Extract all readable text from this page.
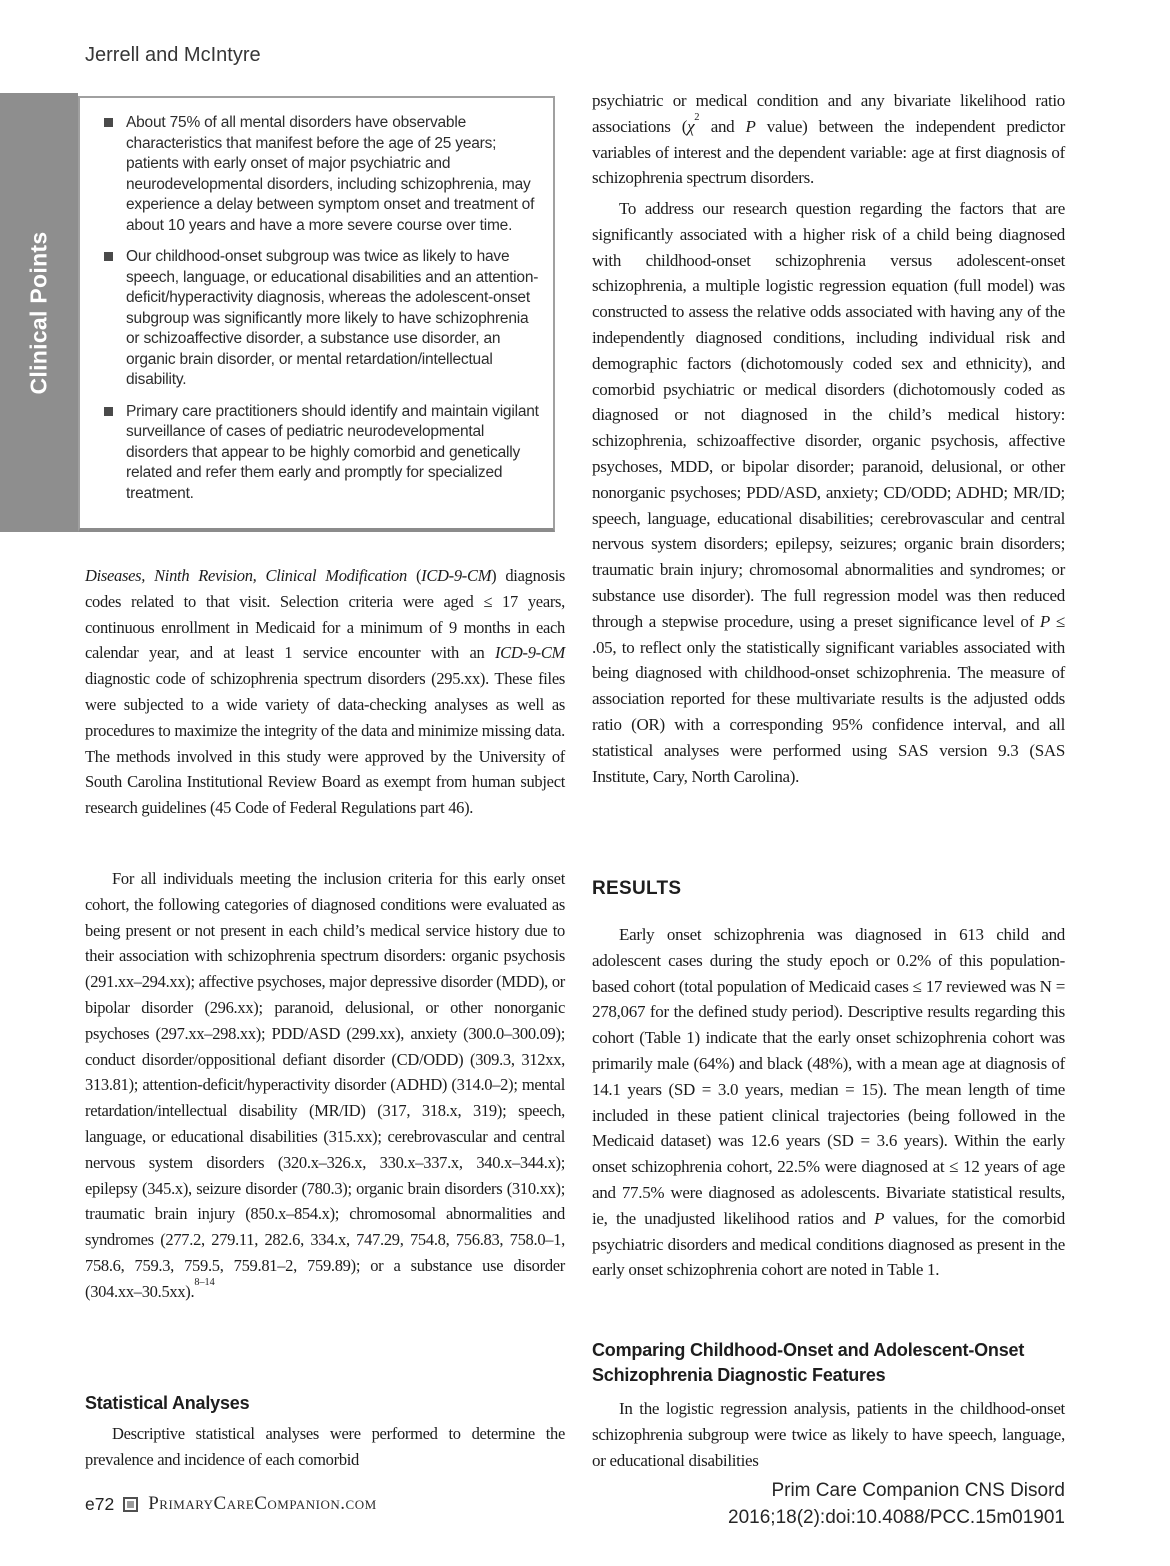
Jerrell and McIntyre
Clinical Points
About 75% of all mental disorders have observable characteristics that manifest before the age of 25 years; patients with early onset of major psychiatric and neurodevelopmental disorders, including schizophrenia, may experience a delay between symptom onset and treatment of about 10 years and have a more severe course over time.
Our childhood-onset subgroup was twice as likely to have speech, language, or educational disabilities and an attention-deficit/hyperactivity diagnosis, whereas the adolescent-onset subgroup was significantly more likely to have schizophrenia or schizoaffective disorder, a substance use disorder, an organic brain disorder, or mental retardation/intellectual disability.
Primary care practitioners should identify and maintain vigilant surveillance of cases of pediatric neurodevelopmental disorders that appear to be highly comorbid and genetically related and refer them early and promptly for specialized treatment.

Diseases, Ninth Revision, Clinical Modification (ICD-9-CM) diagnosis codes related to that visit. Selection criteria were aged ≤ 17 years, continuous enrollment in Medicaid for a minimum of 9 months in each calendar year, and at least 1 service encounter with an ICD-9-CM diagnostic code of schizophrenia spectrum disorders (295.xx). These files were subjected to a wide variety of data-checking analyses as well as procedures to maximize the integrity of the data and minimize missing data. The methods involved in this study were approved by the University of South Carolina Institutional Review Board as exempt from human subject research guidelines (45 Code of Federal Regulations part 46).

For all individuals meeting the inclusion criteria for this early onset cohort, the following categories of diagnosed conditions were evaluated as being present or not present in each child’s medical service history due to their association with schizophrenia spectrum disorders: organic psychosis (291.xx–294.xx); affective psychoses, major depressive disorder (MDD), or bipolar disorder (296.xx); paranoid, delusional, or other nonorganic psychoses (297.xx–298.xx); PDD/ASD (299.xx), anxiety (300.0–300.09); conduct disorder/oppositional defiant disorder (CD/ODD) (309.3, 312xx, 313.81); attention-deficit/hyperactivity disorder (ADHD) (314.0–2); mental retardation/intellectual disability (MR/ID) (317, 318.x, 319); speech, language, or educational disabilities (315.xx); cerebrovascular and central nervous system disorders (320.x–326.x, 330.x–337.x, 340.x–344.x); epilepsy (345.x), seizure disorder (780.3); organic brain disorders (310.xx); traumatic brain injury (850.x–854.x); chromosomal abnormalities and syndromes (277.2, 279.11, 282.6, 334.x, 747.29, 754.8, 756.83, 758.0–1, 758.6, 759.3, 759.5, 759.81–2, 759.89); or a substance use disorder (304.xx–30.5xx).$^{8-14}$

Statistical Analyses

Descriptive statistical analyses were performed to determine the prevalence and incidence of each comorbid

psychiatric or medical condition and any bivariate likelihood ratio associations ($\chi^2$ and P value) between the independent predictor variables of interest and the dependent variable: age at first diagnosis of schizophrenia spectrum disorders.

To address our research question regarding the factors that are significantly associated with a higher risk of a child being diagnosed with childhood-onset schizophrenia versus adolescent-onset schizophrenia, a multiple logistic regression equation (full model) was constructed to assess the relative odds associated with having any of the independently diagnosed conditions, including individual risk and demographic factors (dichotomously coded sex and ethnicity), and comorbid psychiatric or medical disorders (dichotomously coded as diagnosed or not diagnosed in the child’s medical history: schizophrenia, schizoaffective disorder, organic psychosis, affective psychoses, MDD, or bipolar disorder; paranoid, delusional, or other nonorganic psychoses; PDD/ASD, anxiety; CD/ODD; ADHD; MR/ID; speech, language, educational disabilities; cerebrovascular and central nervous system disorders; epilepsy, seizures; organic brain disorders; traumatic brain injury; chromosomal abnormalities and syndromes; or substance use disorder). The full regression model was then reduced through a stepwise procedure, using a preset significance level of P ≤ .05, to reflect only the statistically significant variables associated with being diagnosed with childhood-onset schizophrenia. The measure of association reported for these multivariate results is the adjusted odds ratio (OR) with a corresponding 95% confidence interval, and all statistical analyses were performed using SAS version 9.3 (SAS Institute, Cary, North Carolina).

RESULTS

Early onset schizophrenia was diagnosed in 613 child and adolescent cases during the study epoch or 0.2% of this population-based cohort (total population of Medicaid cases ≤ 17 reviewed was N = 278,067 for the defined study period). Descriptive results regarding this cohort (Table 1) indicate that the early onset schizophrenia cohort was primarily male (64%) and black (48%), with a mean age at diagnosis of 14.1 years (SD = 3.0 years, median = 15). The mean length of time included in these patient clinical trajectories (being followed in the Medicaid dataset) was 12.6 years (SD = 3.6 years). Within the early onset schizophrenia cohort, 22.5% were diagnosed at ≤ 12 years of age and 77.5% were diagnosed as adolescents. Bivariate statistical results, ie, the unadjusted likelihood ratios and P values, for the comorbid psychiatric disorders and medical conditions diagnosed as present in the early onset schizophrenia cohort are noted in Table 1.

Comparing Childhood-Onset and Adolescent-Onset Schizophrenia Diagnostic Features

In the logistic regression analysis, patients in the childhood-onset schizophrenia subgroup were twice as likely to have speech, language, or educational disabilities

e72 PrimaryCareCompanion.com
Prim Care Companion CNS Disord
2016;18(2):doi:10.4088/PCC.15m01901
